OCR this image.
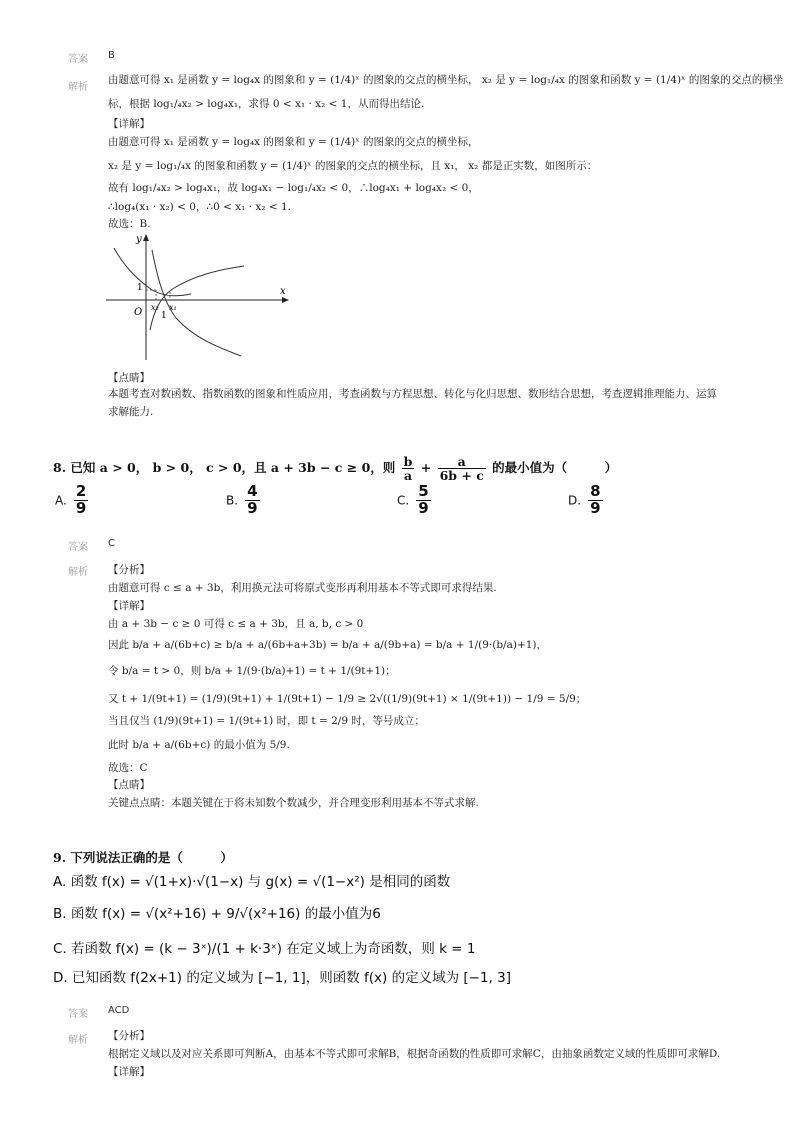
答案 B
解析
由题意可得 x₁ 是函数 y = log₄x 的图象和 y = (1/4)ˣ 的图象的交点的横坐标， x₂ 是 y = log₁/₄x 的图象和函数 y = (1/4)ˣ 的图象的交点的横坐
标，根据 log₁/₄x₂ > log₄x₁，求得 0 < x₁ · x₂ < 1，从而得出结论.
【详解】
由题意可得 x₁ 是函数 y = log₄x 的图象和 y = (1/4)ˣ 的图象的交点的横坐标，
x₂ 是 y = log₁/₄x 的图象和函数 y = (1/4)ˣ 的图象的交点的横坐标，且 x₁， x₂ 都是正实数，如图所示：
故有 log₁/₄x₂ > log₄x₁，故 log₄x₁ − log₁/₄x₂ < 0，∴log₄x₁ + log₄x₂ < 0，
∴log₄(x₁ · x₂) < 0，∴0 < x₁ · x₂ < 1.
故选：B.
y
x
O
1
1
x₂ x₁
【点睛】
本题考查对数函数、指数函数的图象和性质应用，考查函数与方程思想、转化与化归思想、数形结合思想，考查逻辑推理能力、运算
求解能力.
8. 已知 a > 0， b > 0， c > 0，且 a + 3b − c ≥ 0，则 $\frac{b}{a} + \frac{a}{6b + c}$ 的最小值为（　　　）
A. $\frac{2}{9}$	B. $\frac{4}{9}$	C. $\frac{5}{9}$	D. $\frac{8}{9}$
答案 C
解析 【分析】
由题意可得 c ≤ a + 3b，利用换元法可将原式变形再利用基本不等式即可求得结果.
【详解】
由 a + 3b − c ≥ 0 可得 c ≤ a + 3b，且 a, b, c > 0
因此 b/a + a/(6b+c) ≥ b/a + a/(6b+a+3b) = b/a + a/(9b+a) = b/a + 1/(9·(b/a)+1)，
令 b/a = t > 0，则 b/a + 1/(9·(b/a)+1) = t + 1/(9t+1)；
又 t + 1/(9t+1) = (1/9)(9t+1) + 1/(9t+1) − 1/9 ≥ 2√((1/9)(9t+1) × 1/(9t+1)) − 1/9 = 5/9；
当且仅当 (1/9)(9t+1) = 1/(9t+1) 时，即 t = 2/9 时，等号成立；
此时 b/a + a/(6b+c) 的最小值为 5/9.
故选：C
【点睛】
关键点点睛：本题关键在于将未知数个数减少，并合理变形利用基本不等式求解.
9. 下列说法正确的是（　　　）
A. 函数 f(x) = √(1+x)·√(1−x) 与 g(x) = √(1−x²) 是相同的函数
B. 函数 f(x) = √(x²+16) + 9/√(x²+16) 的最小值为6
C. 若函数 f(x) = (k − 3ˣ)/(1 + k·3ˣ) 在定义域上为奇函数，则 k = 1
D. 已知函数 f(2x+1) 的定义域为 [−1, 1]，则函数 f(x) 的定义域为 [−1, 3]
答案 ACD
解析 【分析】
根据定义域以及对应关系即可判断A，由基本不等式即可求解B，根据奇函数的性质即可求解C，由抽象函数定义域的性质即可求解D.
【详解】
